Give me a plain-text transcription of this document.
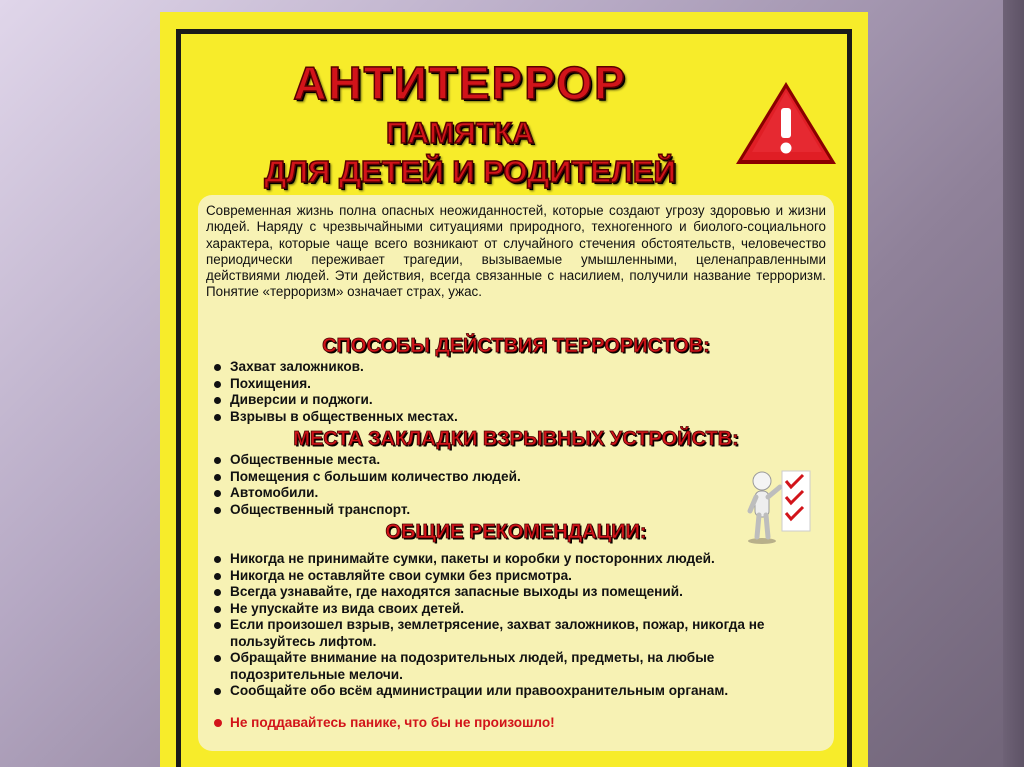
АНТИТЕРРОР
ПАМЯТКА
ДЛЯ ДЕТЕЙ И РОДИТЕЛЕЙ

Современная жизнь полна опасных неожиданностей, которые создают угрозу здоровью и жизни людей. Наряду с чрезвычайными ситуациями природного, техногенного и биолого-социального характера, которые чаще всего возникают от случайного стечения обстоятельств, человечество периодически переживает трагедии, вызываемые умышленными, целенаправленными действиями людей. Эти действия, всегда связанные с насилием, получили название терроризм. Понятие «терроризм» означает страх, ужас.

СПОСОБЫ ДЕЙСТВИЯ ТЕРРОРИСТОВ:
Захват заложников.
Похищения.
Диверсии и поджоги.
Взрывы в общественных местах.
МЕСТА ЗАКЛАДКИ ВЗРЫВНЫХ УСТРОЙСТВ:
Общественные места.
Помещения с большим количество людей.
Автомобили.
Общественный транспорт.
ОБЩИЕ РЕКОМЕНДАЦИИ:
Никогда не принимайте сумки, пакеты и коробки у посторонних людей.
Никогда не оставляйте свои сумки без присмотра.
Всегда узнавайте, где находятся запасные выходы из помещений.
Не упускайте из вида своих детей.
Если произошел взрыв, землетрясение, захват заложников, пожар, никогда не пользуйтесь лифтом.
Обращайте внимание на подозрительных людей, предметы, на любые подозрительные мелочи.
Сообщайте обо всём администрации или правоохранительным органам.
Не поддавайтесь панике, что бы не произошло!
